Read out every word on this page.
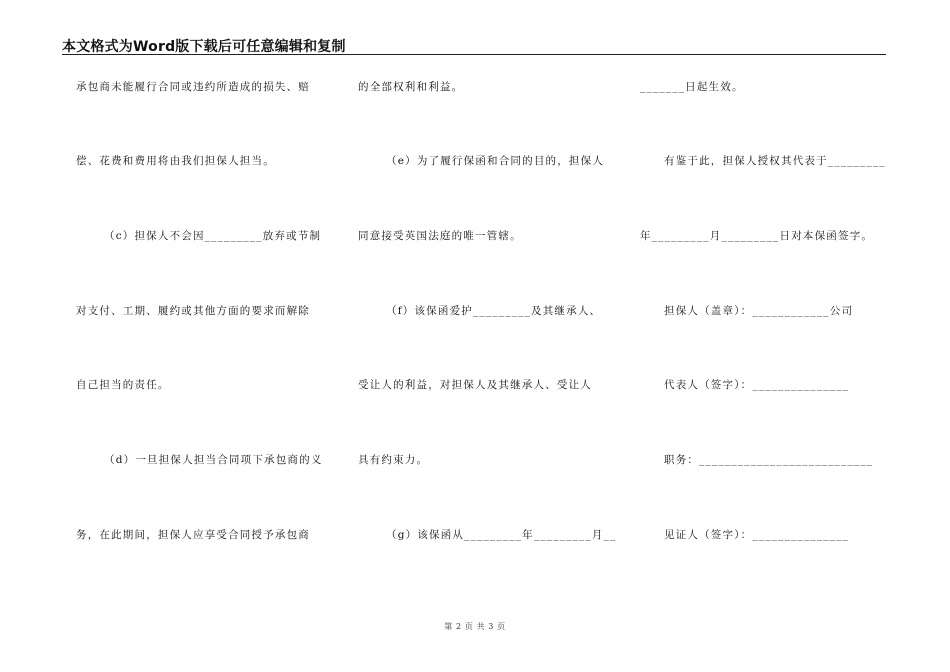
本文格式为Word版下载后可任意编辑和复制
承包商未能履行合同或违约所造成的损失、赔
偿、花费和费用将由我们担保人担当。
（c）担保人不会因_________放弃或节制
对支付、工期、履约或其他方面的要求而解除
自己担当的责任。
（d）一旦担保人担当合同项下承包商的义
务，在此期间，担保人应享受合同授予承包商
的全部权利和利益。
（e）为了履行保函和合同的目的，担保人
同意接受英国法庭的唯一管辖。
（f）该保函爱护_________及其继承人、
受让人的利益，对担保人及其继承人、受让人
具有约束力。
（g）该保函从_________年_________月__
_______日起生效。
有鉴于此，担保人授权其代表于_________
年_________月_________日对本保函签字。
担保人（盖章）：____________公司
代表人（签字）：_______________
职务：___________________________
见证人（签字）：_______________
第 2 页 共 3 页
